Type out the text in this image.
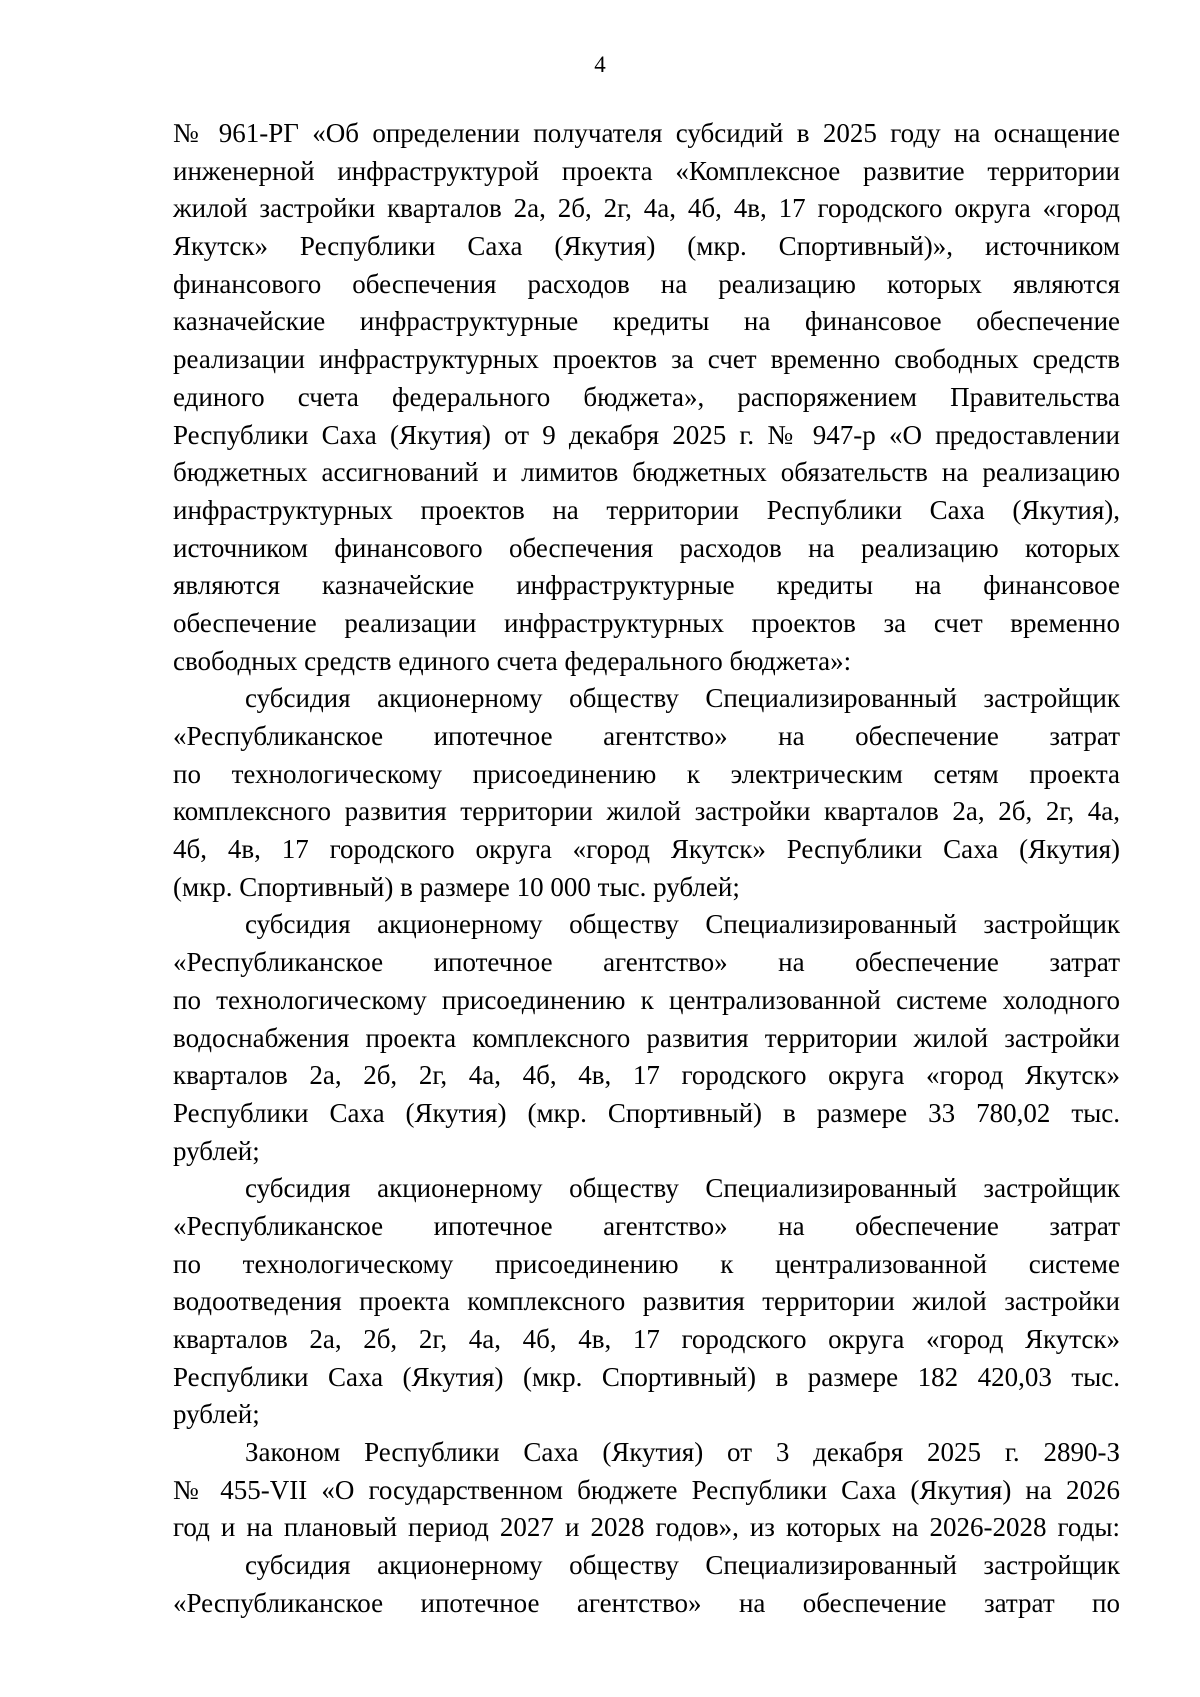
4
№ 961-РГ «Об определении получателя субсидий в 2025 году на оснащение
инженерной инфраструктурой проекта «Комплексное развитие территории
жилой застройки кварталов 2а, 2б, 2г, 4а, 4б, 4в, 17 городского округа «город
Якутск» Республики Саха (Якутия) (мкр. Спортивный)», источником
финансового обеспечения расходов на реализацию которых являются
казначейские инфраструктурные кредиты на финансовое обеспечение
реализации инфраструктурных проектов за счет временно свободных средств
единого счета федерального бюджета», распоряжением Правительства
Республики Саха (Якутия) от 9 декабря 2025 г. № 947-р «О предоставлении
бюджетных ассигнований и лимитов бюджетных обязательств на реализацию
инфраструктурных проектов на территории Республики Саха (Якутия),
источником финансового обеспечения расходов на реализацию которых
являются казначейские инфраструктурные кредиты на финансовое
обеспечение реализации инфраструктурных проектов за счет временно
свободных средств единого счета федерального бюджета»:
субсидия акционерному обществу Специализированный застройщик
«Республиканское ипотечное агентство» на обеспечение затрат
по технологическому присоединению к электрическим сетям проекта
комплексного развития территории жилой застройки кварталов 2а, 2б, 2г, 4а,
4б, 4в, 17 городского округа «город Якутск» Республики Саха (Якутия)
(мкр. Спортивный) в размере 10 000 тыс. рублей;
субсидия акционерному обществу Специализированный застройщик
«Республиканское ипотечное агентство» на обеспечение затрат
по технологическому присоединению к централизованной системе холодного
водоснабжения проекта комплексного развития территории жилой застройки
кварталов 2а, 2б, 2г, 4а, 4б, 4в, 17 городского округа «город Якутск»
Республики Саха (Якутия) (мкр. Спортивный) в размере 33 780,02 тыс.
рублей;
субсидия акционерному обществу Специализированный застройщик
«Республиканское ипотечное агентство» на обеспечение затрат
по технологическому присоединению к централизованной системе
водоотведения проекта комплексного развития территории жилой застройки
кварталов 2а, 2б, 2г, 4а, 4б, 4в, 17 городского округа «город Якутск»
Республики Саха (Якутия) (мкр. Спортивный) в размере 182 420,03 тыс.
рублей;
Законом Республики Саха (Якутия) от 3 декабря 2025 г. 2890-З
№ 455-VII «О государственном бюджете Республики Саха (Якутия) на 2026
год и на плановый период 2027 и 2028 годов», из которых на 2026-2028 годы:
субсидия акционерному обществу Специализированный застройщик
«Республиканское ипотечное агентство» на обеспечение затрат по
